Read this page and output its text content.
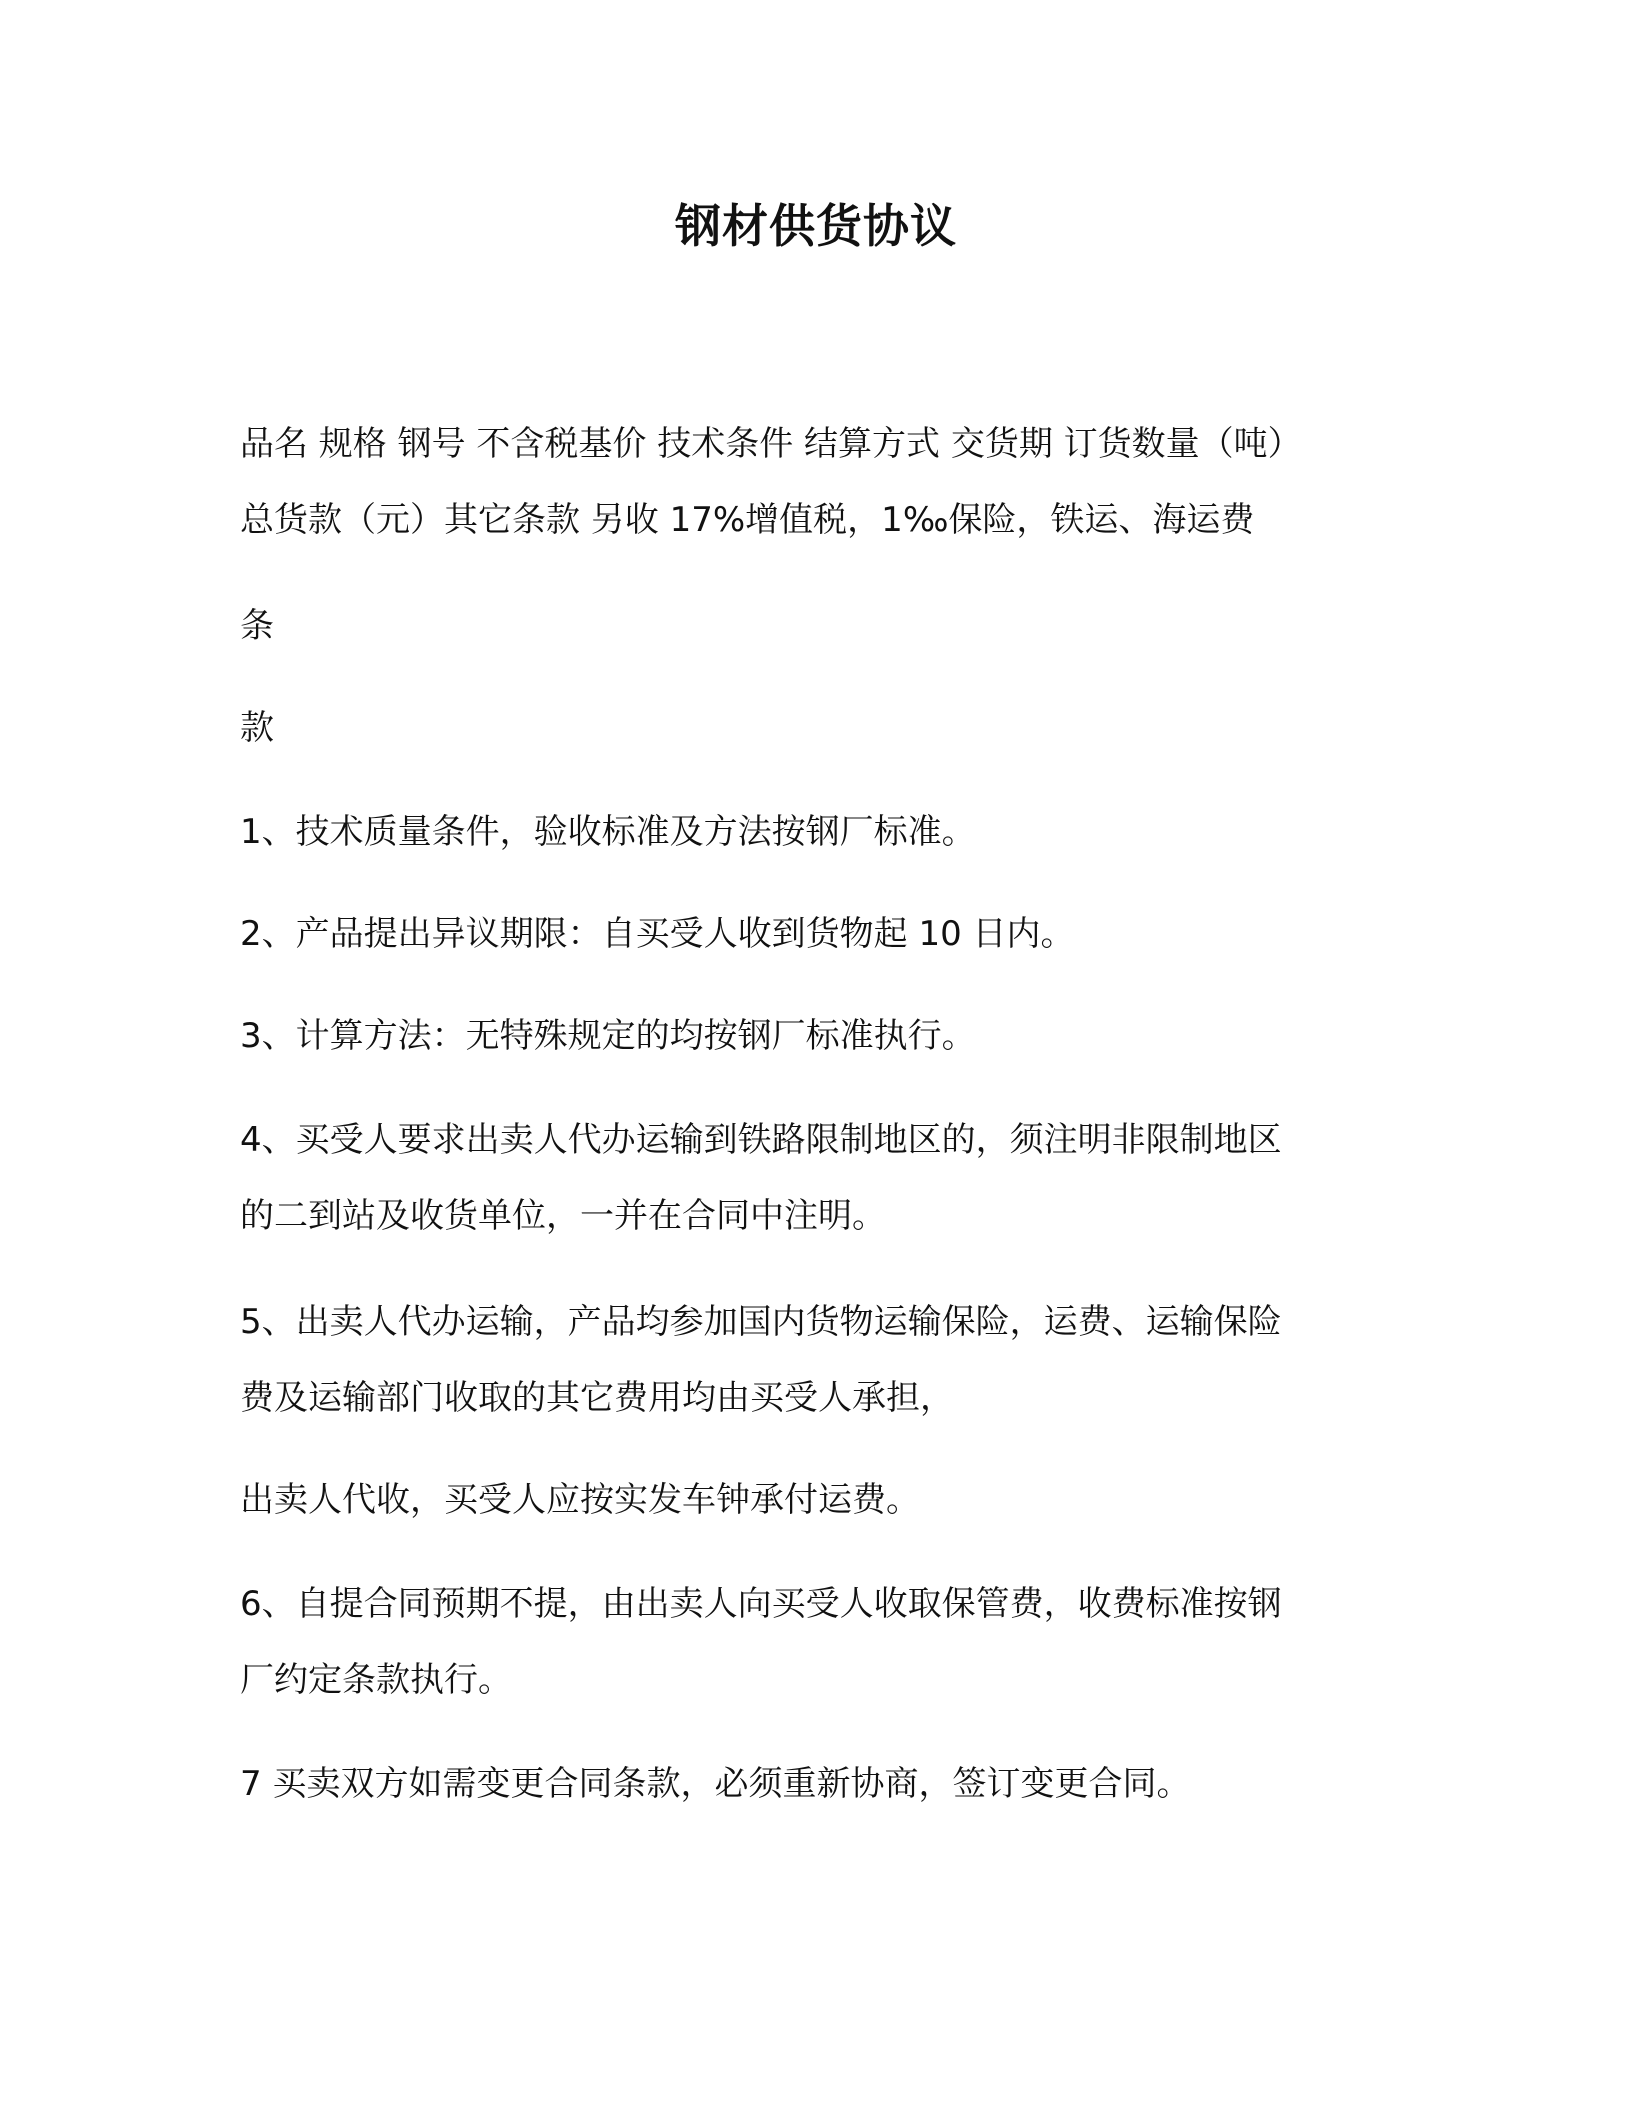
钢材供货协议
品名 规格 钢号 不含税基价 技术条件 结算方式 交货期 订货数量（吨）
总货款（元）其它条款 另收 17%增值税，1‰保险，铁运、海运费
条
款
1、技术质量条件，验收标准及方法按钢厂标准。
2、产品提出异议期限：自买受人收到货物起 10 日内。
3、计算方法：无特殊规定的均按钢厂标准执行。
4、买受人要求出卖人代办运输到铁路限制地区的，须注明非限制地区
的二到站及收货单位，一并在合同中注明。
5、出卖人代办运输，产品均参加国内货物运输保险，运费、运输保险
费及运输部门收取的其它费用均由买受人承担，
出卖人代收，买受人应按实发车钟承付运费。
6、自提合同预期不提，由出卖人向买受人收取保管费，收费标准按钢
厂约定条款执行。
7 买卖双方如需变更合同条款，必须重新协商，签订变更合同。
